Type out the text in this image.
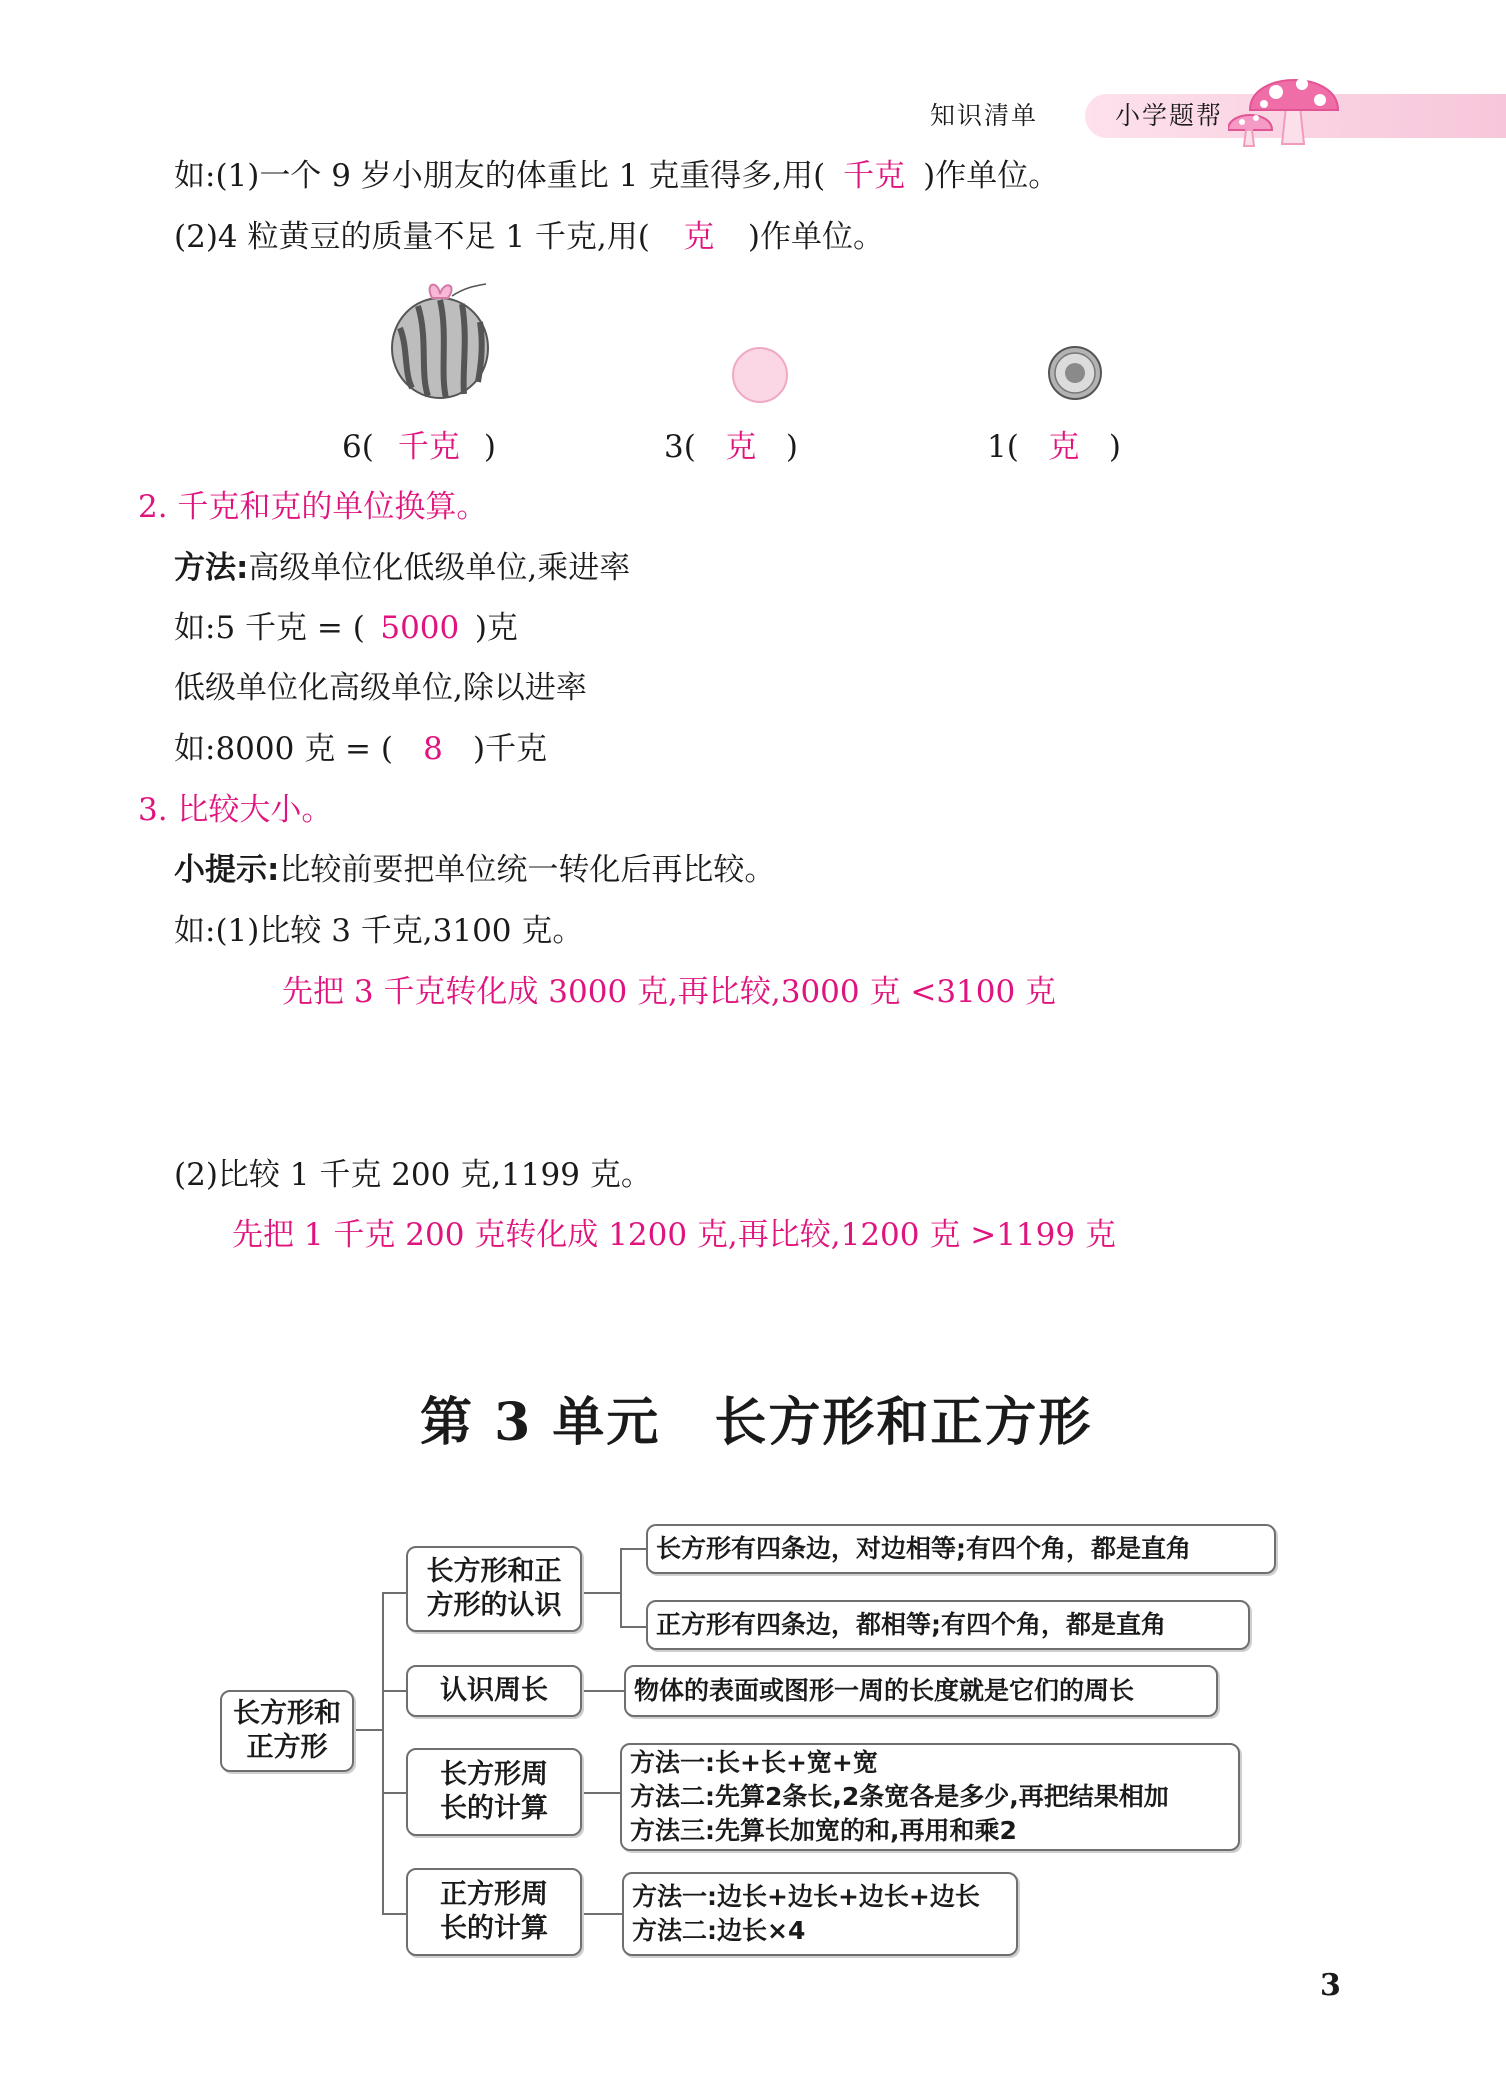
知识清单	小学题帮
如:(1)一个 9 岁小朋友的体重比 1 克重得多,用( 千克 )作单位。
(2)4 粒黄豆的质量不足 1 千克,用( 克 )作单位。
6( 千克 )	3( 克 )	1( 克 )
2. 千克和克的单位换算。
方法:高级单位化低级单位,乘进率
如:5 千克 = ( 5000 )克
低级单位化高级单位,除以进率
如:8000 克 = ( 8 )千克
3. 比较大小。
小提示:比较前要把单位统一转化后再比较。
如:(1)比较 3 千克,3100 克。
先把 3 千克转化成 3000 克,再比较,3000 克 <3100 克
(2)比较 1 千克 200 克,1199 克。
先把 1 千克 200 克转化成 1200 克,再比较,1200 克 >1199 克
第 3 单元　长方形和正方形
长方形和正方形
长方形和正方形的认识
认识周长
长方形周长的计算
正方形周长的计算
长方形有四条边，对边相等;有四个角，都是直角
正方形有四条边，都相等;有四个角，都是直角
物体的表面或图形一周的长度就是它们的周长
方法一:长+长+宽+宽
方法二:先算2条长,2条宽各是多少,再把结果相加
方法三:先算长加宽的和,再用和乘2
方法一:边长+边长+边长+边长
方法二:边长×4
3
